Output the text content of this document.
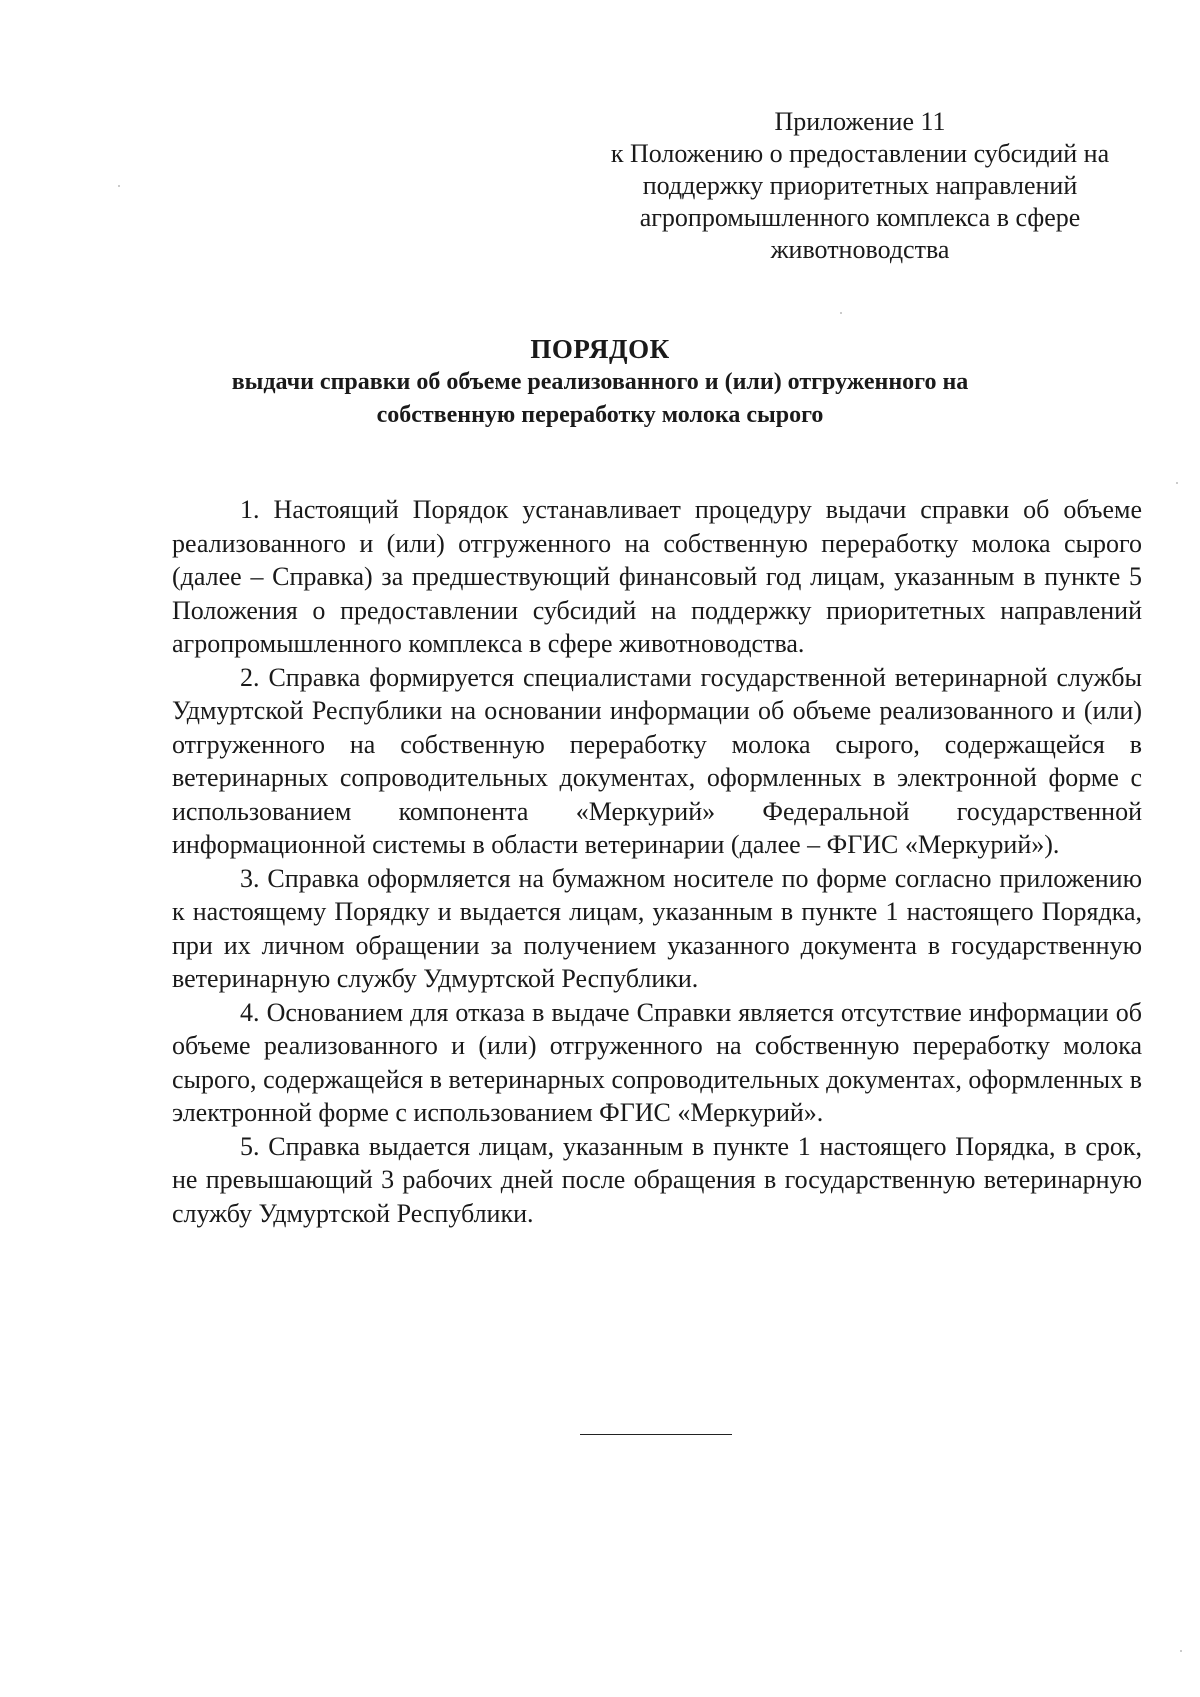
Приложение 11
к Положению о предоставлении субсидий на
поддержку приоритетных направлений
агропромышленного комплекса в сфере
животноводства
ПОРЯДОК
выдачи справки об объеме реализованного и (или) отгруженного на
собственную переработку молока сырого

1. Настоящий Порядок устанавливает процедуру выдачи справки об объеме реализованного и (или) отгруженного на собственную переработку молока сырого (далее – Справка) за предшествующий финансовый год лицам, указанным в пункте 5 Положения о предоставлении субсидий на поддержку приоритетных направлений агропромышленного комплекса в сфере животноводства.

2. Справка формируется специалистами государственной ветеринарной службы Удмуртской Республики на основании информации об объеме реализованного и (или) отгруженного на собственную переработку молока сырого, содержащейся в ветеринарных сопроводительных документах, оформленных в электронной форме с использованием компонента «Меркурий» Федеральной государственной информационной системы в области ветеринарии (далее – ФГИС «Меркурий»).

3. Справка оформляется на бумажном носителе по форме согласно приложению к настоящему Порядку и выдается лицам, указанным в пункте 1 настоящего Порядка, при их личном обращении за получением указанного документа в государственную ветеринарную службу Удмуртской Республики.

4. Основанием для отказа в выдаче Справки является отсутствие информации об объеме реализованного и (или) отгруженного на собственную переработку молока сырого, содержащейся в ветеринарных сопроводительных документах, оформленных в электронной форме с использованием ФГИС «Меркурий».

5. Справка выдается лицам, указанным в пункте 1 настоящего Порядка, в срок, не превышающий 3 рабочих дней после обращения в государственную ветеринарную службу Удмуртской Республики.
